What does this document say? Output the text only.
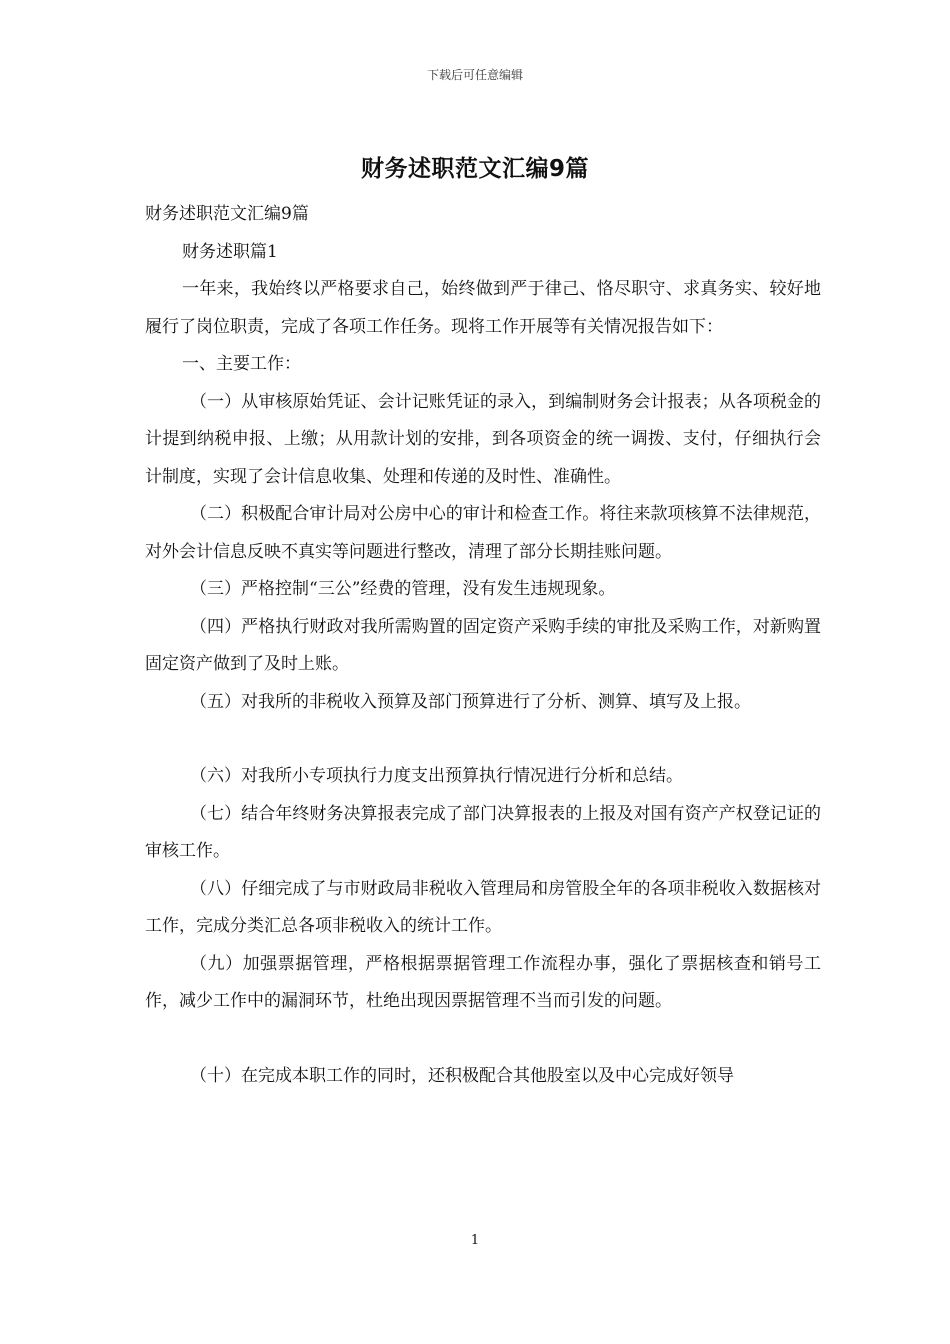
下载后可任意编辑
财务述职范文汇编9篇

财务述职范文汇编9篇

财务述职篇1

一年来，我始终以严格要求自己，始终做到严于律己、恪尽职守、求真务实、较好地履行了岗位职责，完成了各项工作任务。现将工作开展等有关情况报告如下：

一、主要工作：

（一）从审核原始凭证、会计记账凭证的录入，到编制财务会计报表；从各项税金的计提到纳税申报、上缴；从用款计划的安排，到各项资金的统一调拨、支付，仔细执行会计制度，实现了会计信息收集、处理和传递的及时性、准确性。

（二）积极配合审计局对公房中心的审计和检查工作。将往来款项核算不法律规范，对外会计信息反映不真实等问题进行整改，清理了部分长期挂账问题。

（三）严格控制“三公”经费的管理，没有发生违规现象。

（四）严格执行财政对我所需购置的固定资产采购手续的审批及采购工作，对新购置固定资产做到了及时上账。

（五）对我所的非税收入预算及部门预算进行了分析、测算、填写及上报。

（六）对我所小专项执行力度支出预算执行情况进行分析和总结。

（七）结合年终财务决算报表完成了部门决算报表的上报及对国有资产产权登记证的审核工作。

（八）仔细完成了与市财政局非税收入管理局和房管股全年的各项非税收入数据核对工作，完成分类汇总各项非税收入的统计工作。

（九）加强票据管理，严格根据票据管理工作流程办事，强化了票据核查和销号工作，减少工作中的漏洞环节，杜绝出现因票据管理不当而引发的问题。

（十）在完成本职工作的同时，还积极配合其他股室以及中心完成好领导

1
